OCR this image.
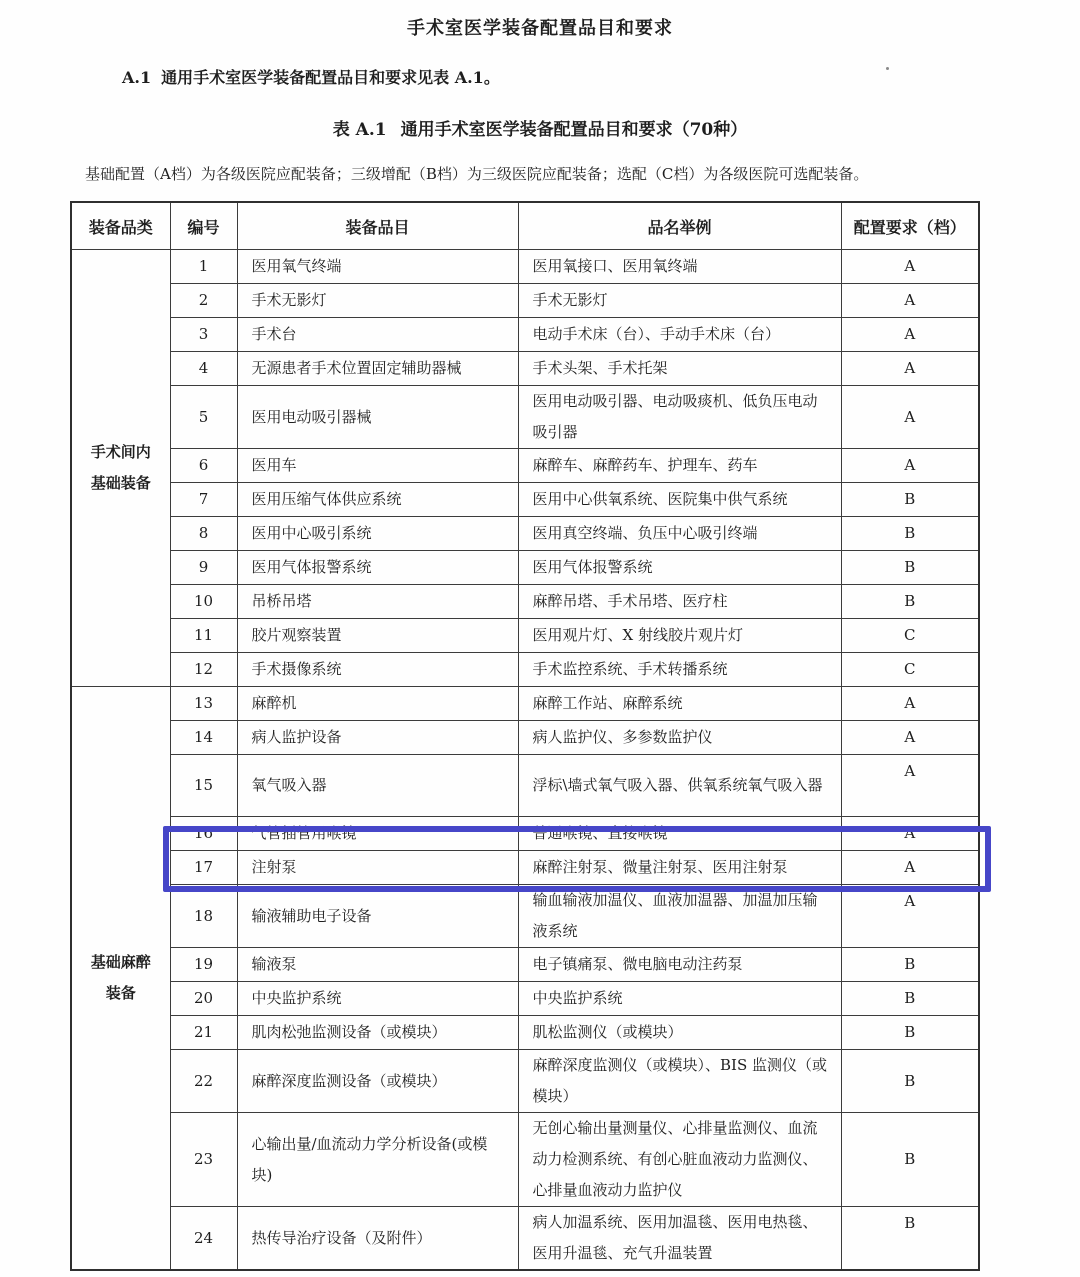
手术室医学装备配置品目和要求
A.1 通用手术室医学装备配置品目和要求见表 A.1。
表 A.1 通用手术室医学装备配置品目和要求（70种）
基础配置（A档）为各级医院应配装备；三级增配（B档）为三级医院应配装备；选配（C档）为各级医院可选配装备。
装备品类	编号	装备品目	品名举例	配置要求（档）
手术间内基础装备	1	医用氧气终端	医用氧接口、医用氧终端	A
	2	手术无影灯	手术无影灯	A
	3	手术台	电动手术床（台）、手动手术床（台）	A
	4	无源患者手术位置固定辅助器械	手术头架、手术托架	A
	5	医用电动吸引器械	医用电动吸引器、电动吸痰机、低负压电动吸引器	A
	6	医用车	麻醉车、麻醉药车、护理车、药车	A
	7	医用压缩气体供应系统	医用中心供氧系统、医院集中供气系统	B
	8	医用中心吸引系统	医用真空终端、负压中心吸引终端	B
	9	医用气体报警系统	医用气体报警系统	B
	10	吊桥吊塔	麻醉吊塔、手术吊塔、医疗柱	B
	11	胶片观察装置	医用观片灯、X 射线胶片观片灯	C
	12	手术摄像系统	手术监控系统、手术转播系统	C
基础麻醉装备	13	麻醉机	麻醉工作站、麻醉系统	A
	14	病人监护设备	病人监护仪、多参数监护仪	A
	15	氧气吸入器	浮标\墙式氧气吸入器、供氧系统氧气吸入器	A
	16	气管插管用喉镜	普通喉镜、直接喉镜	A
	17	注射泵	麻醉注射泵、微量注射泵、医用注射泵	A
	18	输液辅助电子设备	输血输液加温仪、血液加温器、加温加压输液系统	A
	19	输液泵	电子镇痛泵、微电脑电动注药泵	B
	20	中央监护系统	中央监护系统	B
	21	肌肉松弛监测设备（或模块）	肌松监测仪（或模块）	B
	22	麻醉深度监测设备（或模块）	麻醉深度监测仪（或模块）、BIS 监测仪（或模块）	B
	23	心输出量/血流动力学分析设备(或模块)	无创心输出量测量仪、心排量监测仪、血流动力检测系统、有创心脏血液动力监测仪、心排量血液动力监护仪	B
	24	热传导治疗设备（及附件）	病人加温系统、医用加温毯、医用电热毯、医用升温毯、充气升温装置	B
